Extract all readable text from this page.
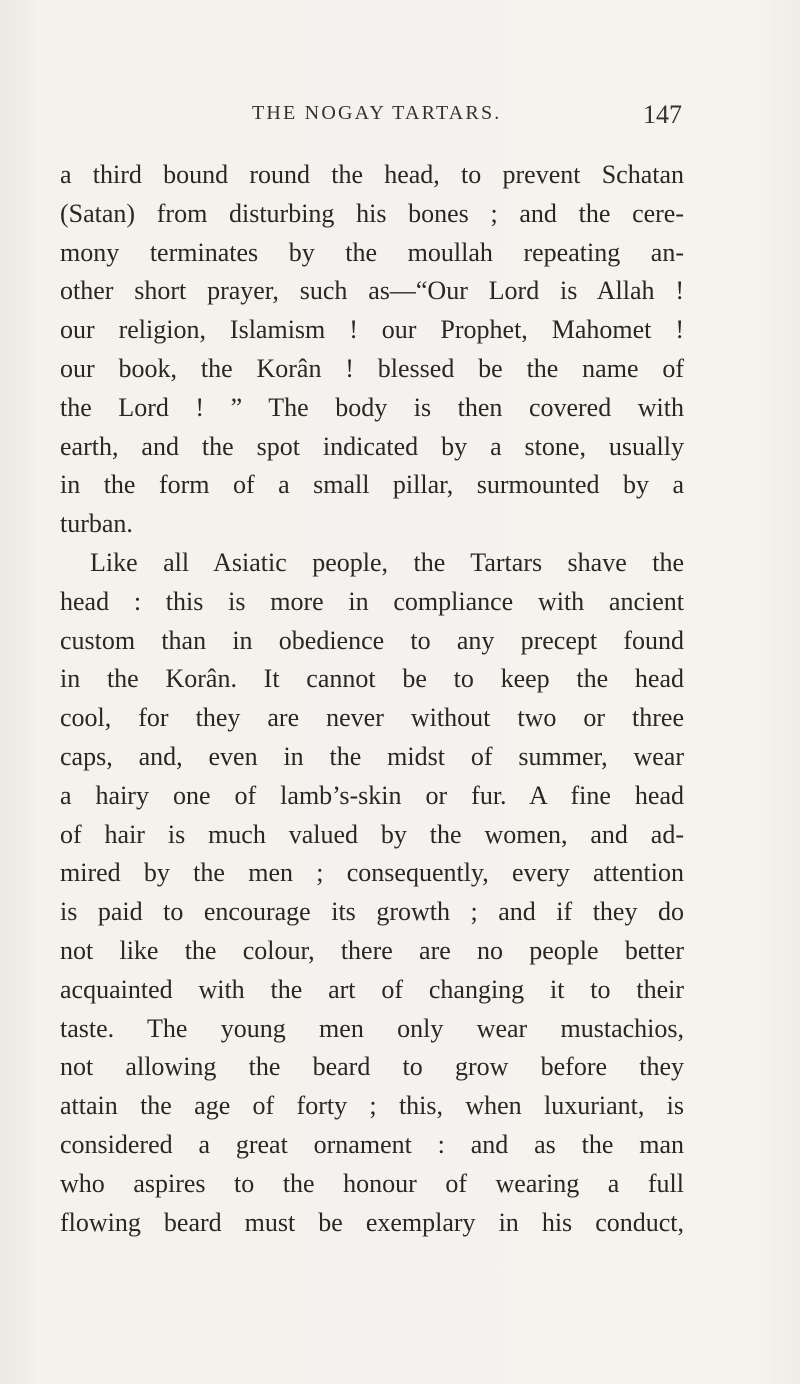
THE NOGAY TARTARS.	147
a third bound round the head, to prevent Schatan
(Satan) from disturbing his bones ; and the cere-
mony terminates by the moullah repeating an-
other short prayer, such as—“Our Lord is Allah !
our religion, Islamism ! our Prophet, Mahomet !
our book, the Korân ! blessed be the name of
the Lord ! ” The body is then covered with
earth, and the spot indicated by a stone, usually
in the form of a small pillar, surmounted by a
turban.
Like all Asiatic people, the Tartars shave the
head : this is more in compliance with ancient
custom than in obedience to any precept found
in the Korân. It cannot be to keep the head
cool, for they are never without two or three
caps, and, even in the midst of summer, wear
a hairy one of lamb’s-skin or fur. A fine head
of hair is much valued by the women, and ad-
mired by the men ; consequently, every attention
is paid to encourage its growth ; and if they do
not like the colour, there are no people better
acquainted with the art of changing it to their
taste. The young men only wear mustachios,
not allowing the beard to grow before they
attain the age of forty ; this, when luxuriant, is
considered a great ornament : and as the man
who aspires to the honour of wearing a full
flowing beard must be exemplary in his conduct,
